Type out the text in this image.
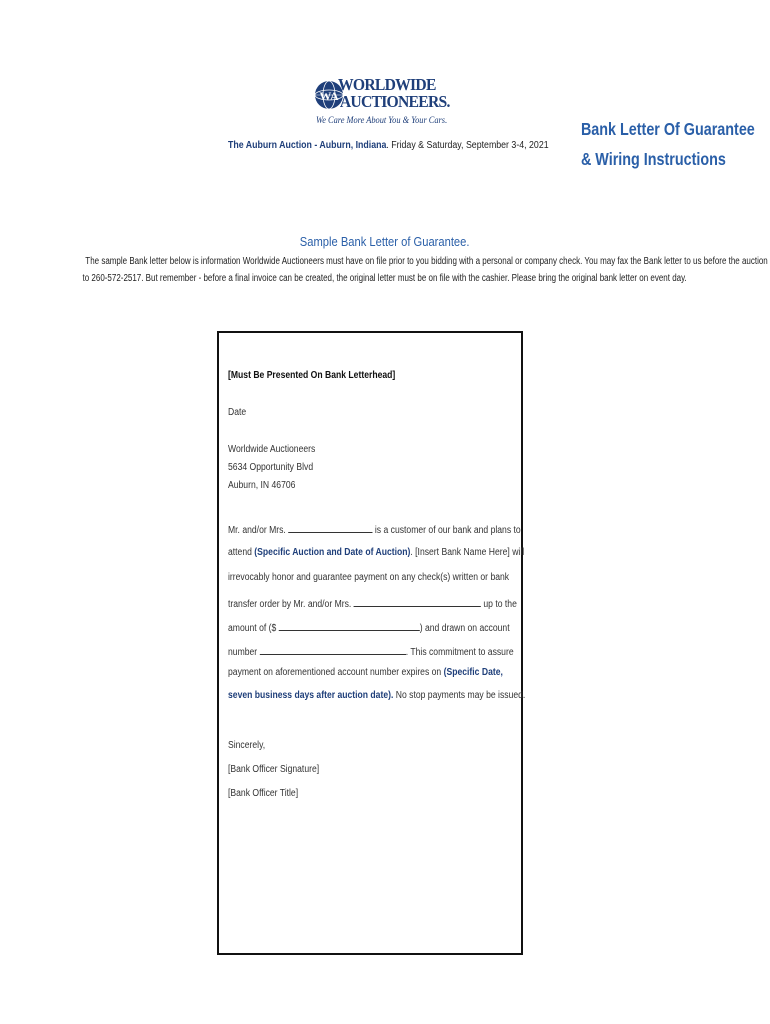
WA
WORLDWIDE
AUCTIONEERS.
We Care More About You & Your Cars.
The Auburn Auction - Auburn, Indiana. Friday & Saturday, September 3-4, 2021
Bank Letter Of Guarantee
& Wiring Instructions
Sample Bank Letter of Guarantee.
The sample Bank letter below is information Worldwide Auctioneers must have on file prior to you bidding with a personal or company check. You may fax the Bank letter to us before the auction
to 260-572-2517. But remember - before a final invoice can be created, the original letter must be on file with the cashier. Please bring the original bank letter on event day.
[Must Be Presented On Bank Letterhead]
Date
Worldwide Auctioneers
5634 Opportunity Blvd
Auburn, IN 46706
Mr. and/or Mrs.	is a customer of our bank and plans to
attend (Specific Auction and Date of Auction). [Insert Bank Name Here] will
irrevocably honor and guarantee payment on any check(s) written or bank
transfer order by Mr. and/or Mrs.	up to the
amount of ($	) and drawn on account
number	. This commitment to assure
payment on aforementioned account number expires on (Specific Date,
seven business days after auction date). No stop payments may be issued.
Sincerely,
[Bank Officer Signature]
[Bank Officer Title]
